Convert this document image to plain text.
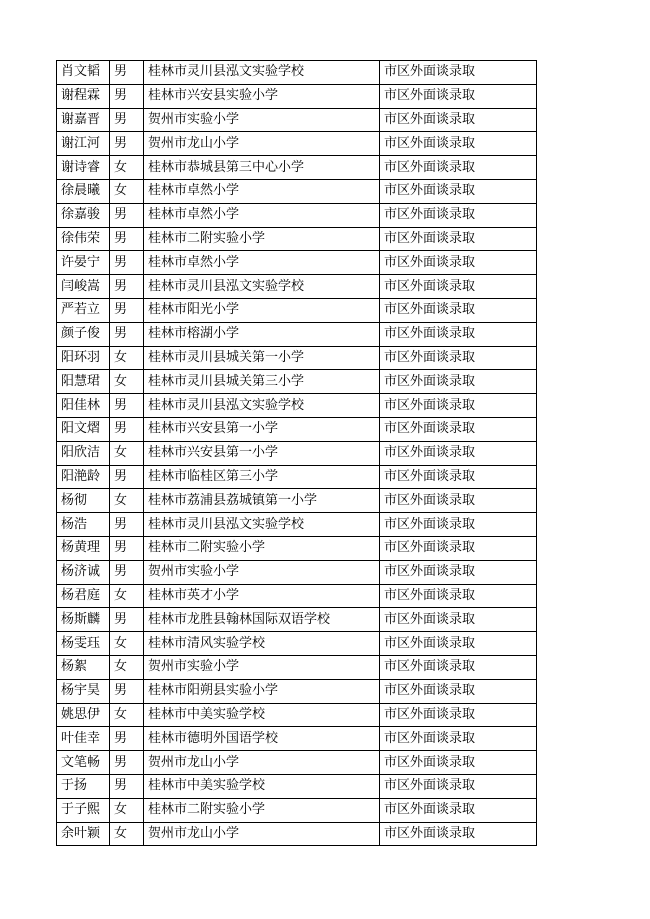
肖文韬	男	桂林市灵川县泓文实验学校	市区外面谈录取
谢程霖	男	桂林市兴安县实验小学	市区外面谈录取
谢嘉晋	男	贺州市实验小学	市区外面谈录取
谢江河	男	贺州市龙山小学	市区外面谈录取
谢诗睿	女	桂林市恭城县第三中心小学	市区外面谈录取
徐晨曦	女	桂林市卓然小学	市区外面谈录取
徐嘉骏	男	桂林市卓然小学	市区外面谈录取
徐伟荣	男	桂林市二附实验小学	市区外面谈录取
许晏宁	男	桂林市卓然小学	市区外面谈录取
闫峻嵩	男	桂林市灵川县泓文实验学校	市区外面谈录取
严若立	男	桂林市阳光小学	市区外面谈录取
颜子俊	男	桂林市榕湖小学	市区外面谈录取
阳环羽	女	桂林市灵川县城关第一小学	市区外面谈录取
阳慧珺	女	桂林市灵川县城关第三小学	市区外面谈录取
阳佳林	男	桂林市灵川县泓文实验学校	市区外面谈录取
阳文熠	男	桂林市兴安县第一小学	市区外面谈录取
阳欣洁	女	桂林市兴安县第一小学	市区外面谈录取
阳滟龄	男	桂林市临桂区第三小学	市区外面谈录取
杨彻	女	桂林市荔浦县荔城镇第一小学	市区外面谈录取
杨浩	男	桂林市灵川县泓文实验学校	市区外面谈录取
杨黄理	男	桂林市二附实验小学	市区外面谈录取
杨济诚	男	贺州市实验小学	市区外面谈录取
杨君庭	女	桂林市英才小学	市区外面谈录取
杨斯麟	男	桂林市龙胜县翰林国际双语学校	市区外面谈录取
杨雯珏	女	桂林市清风实验学校	市区外面谈录取
杨絮	女	贺州市实验小学	市区外面谈录取
杨宇昊	男	桂林市阳朔县实验小学	市区外面谈录取
姚思伊	女	桂林市中美实验学校	市区外面谈录取
叶佳幸	男	桂林市德明外国语学校	市区外面谈录取
文笔畅	男	贺州市龙山小学	市区外面谈录取
于扬	男	桂林市中美实验学校	市区外面谈录取
于子熙	女	桂林市二附实验小学	市区外面谈录取
余叶颖	女	贺州市龙山小学	市区外面谈录取
